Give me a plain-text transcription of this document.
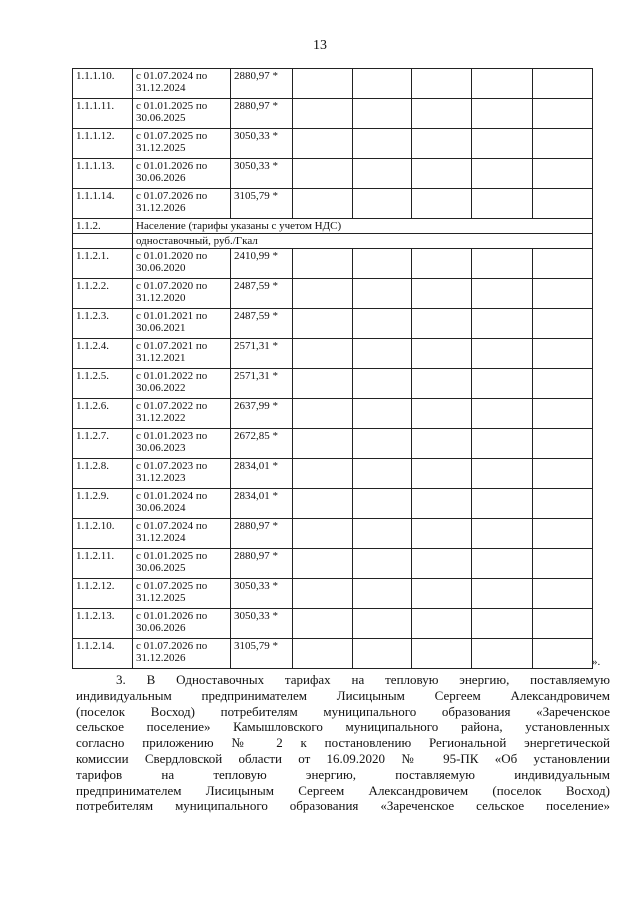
13
1.1.1.10.	с 01.07.2024 по
31.12.2024	2880,97 *					
1.1.1.11.	с 01.01.2025 по
30.06.2025	2880,97 *					
1.1.1.12.	с 01.07.2025 по
31.12.2025	3050,33 *					
1.1.1.13.	с 01.01.2026 по
30.06.2026	3050,33 *					
1.1.1.14.	с 01.07.2026 по
31.12.2026	3105,79 *					
1.1.2.	Население (тарифы указаны с учетом НДС)						
	одноставочный, руб./Гкал						
1.1.2.1.	с 01.01.2020 по
30.06.2020	2410,99 *					
1.1.2.2.	с 01.07.2020 по
31.12.2020	2487,59 *					
1.1.2.3.	с 01.01.2021 по
30.06.2021	2487,59 *					
1.1.2.4.	с 01.07.2021 по
31.12.2021	2571,31 *					
1.1.2.5.	с 01.01.2022 по
30.06.2022	2571,31 *					
1.1.2.6.	с 01.07.2022 по
31.12.2022	2637,99 *					
1.1.2.7.	с 01.01.2023 по
30.06.2023	2672,85 *					
1.1.2.8.	с 01.07.2023 по
31.12.2023	2834,01 *					
1.1.2.9.	с 01.01.2024 по
30.06.2024	2834,01 *					
1.1.2.10.	с 01.07.2024 по
31.12.2024	2880,97 *					
1.1.2.11.	с 01.01.2025 по
30.06.2025	2880,97 *					
1.1.2.12.	с 01.07.2025 по
31.12.2025	3050,33 *					
1.1.2.13.	с 01.01.2026 по
30.06.2026	3050,33 *					
1.1.2.14.	с 01.07.2026 по
31.12.2026	3105,79 *					
».
3. В Одноставочных тарифах на тепловую энергию, поставляемую
индивидуальным предпринимателем Лисицыным Сергеем Александровичем
(поселок Восход) потребителям муниципального образования «Зареченское
сельское поселение» Камышловского муниципального района, установленных
согласно приложению № 2 к постановлению Региональной энергетической
комиссии Свердловской области от 16.09.2020 № 95-ПК «Об установлении
тарифов на тепловую энергию, поставляемую индивидуальным
предпринимателем Лисицыным Сергеем Александровичем (поселок Восход)
потребителям муниципального образования «Зареченское сельское поселение»
